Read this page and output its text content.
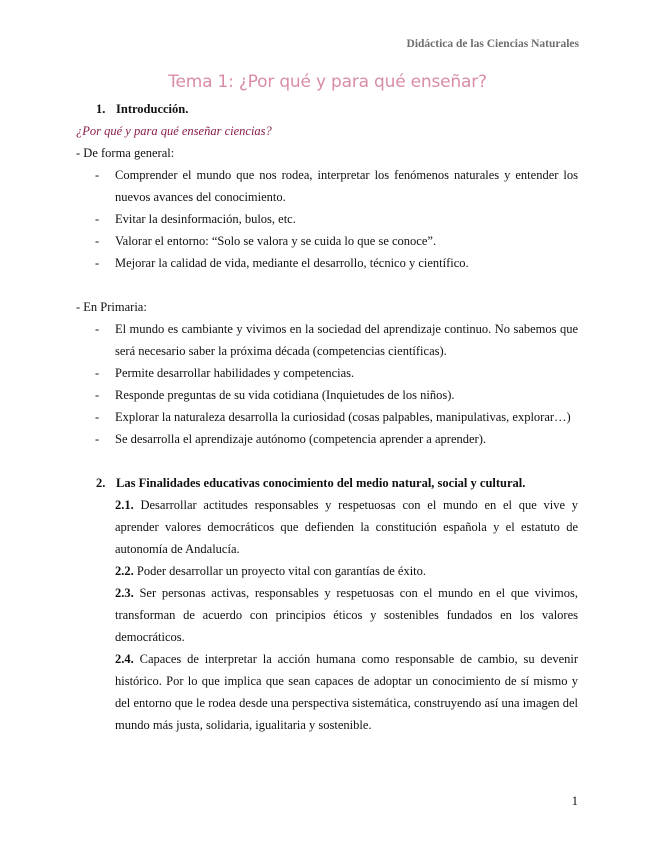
Didáctica de las Ciencias Naturales
Tema 1: ¿Por qué y para qué enseñar?
1. Introducción.
¿Por qué y para qué enseñar ciencias?
- De forma general:
- Comprender el mundo que nos rodea, interpretar los fenómenos naturales y entender los nuevos avances del conocimiento.
- Evitar la desinformación, bulos, etc.
- Valorar el entorno: “Solo se valora y se cuida lo que se conoce”.
- Mejorar la calidad de vida, mediante el desarrollo, técnico y científico.
- En Primaria:
- El mundo es cambiante y vivimos en la sociedad del aprendizaje continuo. No sabemos que será necesario saber la próxima década (competencias científicas).
- Permite desarrollar habilidades y competencias.
- Responde preguntas de su vida cotidiana (Inquietudes de los niños).
- Explorar la naturaleza desarrolla la curiosidad (cosas palpables, manipulativas, explorar…)
- Se desarrolla el aprendizaje autónomo (competencia aprender a aprender).
2. Las Finalidades educativas conocimiento del medio natural, social y cultural.
2.1. Desarrollar actitudes responsables y respetuosas con el mundo en el que vive y aprender valores democráticos que defienden la constitución española y el estatuto de autonomía de Andalucía.
2.2. Poder desarrollar un proyecto vital con garantías de éxito.
2.3. Ser personas activas, responsables y respetuosas con el mundo en el que vivimos, transforman de acuerdo con principios éticos y sostenibles fundados en los valores democráticos.
2.4. Capaces de interpretar la acción humana como responsable de cambio, su devenir histórico. Por lo que implica que sean capaces de adoptar un conocimiento de sí mismo y del entorno que le rodea desde una perspectiva sistemática, construyendo así una imagen del mundo más justa, solidaria, igualitaria y sostenible.
1
